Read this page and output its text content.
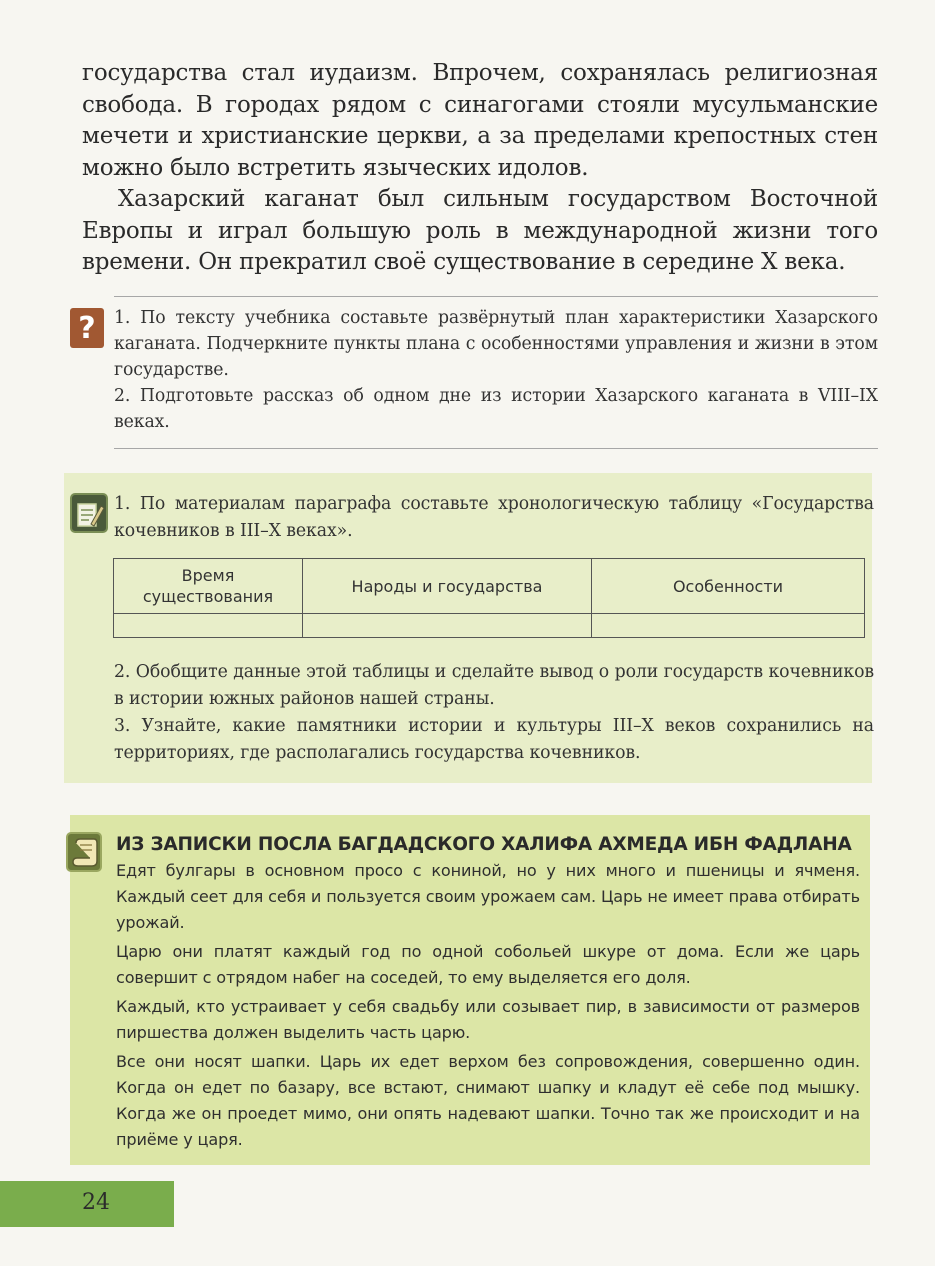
государства стал иудаизм. Впрочем, сохранялась религиозная свобода. В городах рядом с синагогами стояли мусульманские мечети и христианские церкви, а за пределами крепостных стен можно было встретить языческих идолов.

Хазарский каганат был сильным государством Восточной Европы и играл большую роль в международной жизни того времени. Он прекратил своё существование в середине X века.

?	1. По тексту учебника составьте развёрнутый план характеристики Хазарского каганата. Подчеркните пункты плана с особенностями управления и жизни в этом государстве.

2. Подготовьте рассказ об одном дне из истории Хазарского каганата в VIII–IX веках.

1. По материалам параграфа составьте хронологическую таблицу «Государства кочевников в III–X веках».

Время существования	Народы и государства	Особенности

2. Обобщите данные этой таблицы и сделайте вывод о роли государств кочевников в истории южных районов нашей страны.

3. Узнайте, какие памятники истории и культуры III–X веков сохранились на территориях, где располагались государства кочевников.

ИЗ ЗАПИСКИ ПОСЛА БАГДАДСКОГО ХАЛИФА АХМЕДА ИБН ФАДЛАНА

Едят булгары в основном просо с кониной, но у них много и пшеницы и ячменя. Каждый сеет для себя и пользуется своим урожаем сам. Царь не имеет права отбирать урожай.

Царю они платят каждый год по одной собольей шкуре от дома. Если же царь совершит с отрядом набег на соседей, то ему выделяется его доля.

Каждый, кто устраивает у себя свадьбу или созывает пир, в зависимости от размеров пиршества должен выделить часть царю.

Все они носят шапки. Царь их едет верхом без сопровождения, совершенно один. Когда он едет по базару, все встают, снимают шапку и кладут её себе под мышку. Когда же он проедет мимо, они опять надевают шапки. Точно так же происходит и на приёме у царя.

24
